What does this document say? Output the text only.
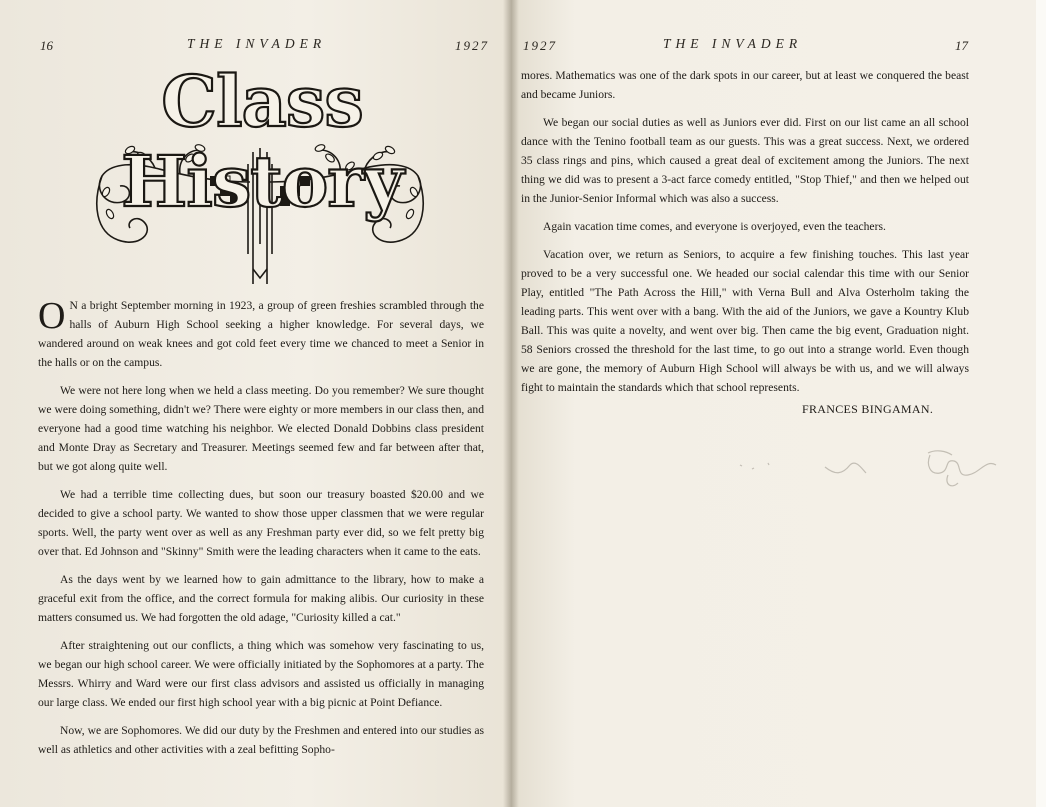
16	THE INVADER	1927
Class History

O N a bright September morning in 1923, a group of green freshies scrambled through the halls of Auburn High School seeking a higher knowledge. For several days, we wandered around on weak knees and got cold feet every time we chanced to meet a Senior in the halls or on the campus.

We were not here long when we held a class meeting. Do you remember? We sure thought we were doing something, didn't we? There were eighty or more members in our class then, and everyone had a good time watching his neighbor. We elected Donald Dobbins class president and Monte Dray as Secretary and Treasurer. Meetings seemed few and far between after that, but we got along quite well.

We had a terrible time collecting dues, but soon our treasury boasted $20.00 and we decided to give a school party. We wanted to show those upper classmen that we were regular sports. Well, the party went over as well as any Freshman party ever did, so we felt pretty big over that. Ed Johnson and "Skinny" Smith were the leading characters when it came to the eats.

As the days went by we learned how to gain admittance to the library, how to make a graceful exit from the office, and the correct formula for making alibis. Our curiosity in these matters consumed us. We had forgotten the old adage, "Curiosity killed a cat."

After straightening out our conflicts, a thing which was somehow very fascinating to us, we began our high school career. We were officially initiated by the Sophomores at a party. The Messrs. Whirry and Ward were our first class advisors and assisted us officially in managing our large class. We ended our first high school year with a big picnic at Point Defiance.

Now, we are Sophomores. We did our duty by the Freshmen and entered into our studies as well as athletics and other activities with a zeal befitting Sopho-

1927	THE INVADER	17

mores. Mathematics was one of the dark spots in our career, but at least we conquered the beast and became Juniors.

We began our social duties as well as Juniors ever did. First on our list came an all school dance with the Tenino football team as our guests. This was a great success. Next, we ordered 35 class rings and pins, which caused a great deal of excitement among the Juniors. The next thing we did was to present a 3-act farce comedy entitled, "Stop Thief," and then we helped out in the Junior-Senior Informal which was also a success.

Again vacation time comes, and everyone is overjoyed, even the teachers.

Vacation over, we return as Seniors, to acquire a few finishing touches. This last year proved to be a very successful one. We headed our social calendar this time with our Senior Play, entitled "The Path Across the Hill," with Verna Bull and Alva Osterholm taking the leading parts. This went over with a bang. With the aid of the Juniors, we gave a Kountry Klub Ball. This was quite a novelty, and went over big. Then came the big event, Graduation night. 58 Seniors crossed the threshold for the last time, to go out into a strange world. Even though we are gone, the memory of Auburn High School will always be with us, and we will always fight to maintain the standards which that school represents.

FRANCES BINGAMAN.
